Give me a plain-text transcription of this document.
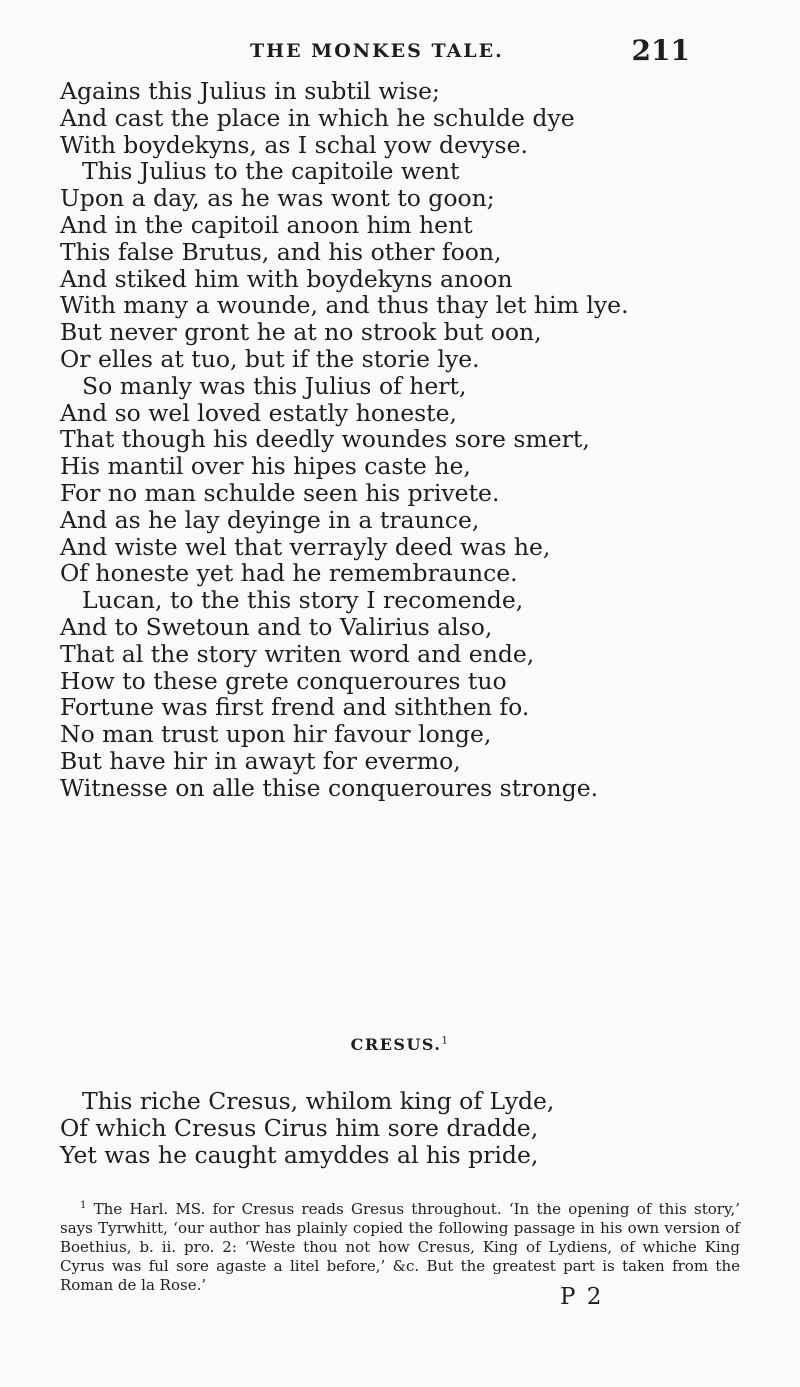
THE MONKES TALE.	211
Agains this Julius in subtil wise;
And cast the place in which he schulde dye
With boydekyns, as I schal yow devyse.
This Julius to the capitoile went
Upon a day, as he was wont to goon;
And in the capitoil anoon him hent
This false Brutus, and his other foon,
And stiked him with boydekyns anoon
With many a wounde, and thus thay let him lye.
But never gront he at no strook but oon,
Or elles at tuo, but if the storie lye.
So manly was this Julius of hert,
And so wel loved estatly honeste,
That though his deedly woundes sore smert,
His mantil over his hipes caste he,
For no man schulde seen his privete.
And as he lay deyinge in a traunce,
And wiste wel that verrayly deed was he,
Of honeste yet had he remembraunce.
Lucan, to the this story I recomende,
And to Swetoun and to Valirius also,
That al the story writen word and ende,
How to these grete conqueroures tuo
Fortune was first frend and siththen fo.
No man trust upon hir favour longe,
But have hir in awayt for evermo,
Witnesse on alle thise conqueroures stronge.
CRESUS.$^1$
This riche Cresus, whilom king of Lyde,
Of which Cresus Cirus him sore dradde,
Yet was he caught amyddes al his pride,
$^1$ The Harl. MS. for Cresus reads Gresus throughout. ‘In the opening of this story,’ says Tyrwhitt, ‘our author has plainly copied the following passage in his own version of Boethius, b. ii. pro. 2: ‘Weste thou not how Cresus, King of Lydiens, of whiche King Cyrus was ful sore agaste a litel before,’ &c. But the greatest part is taken from the Roman de la Rose.’	P 2
